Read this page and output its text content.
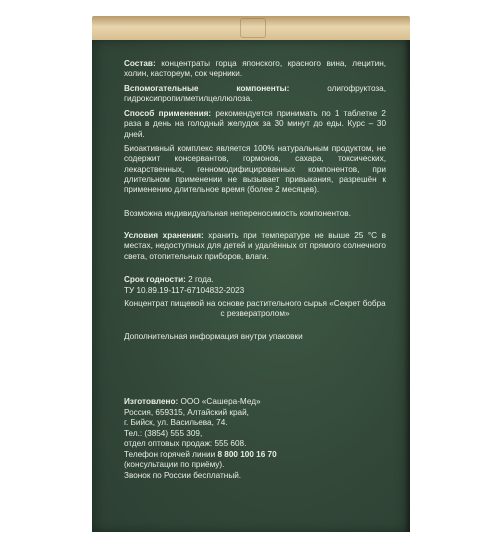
Состав: концентраты горца японского, красного вина, лецитин, холин, кастореум, сок черники.
Вспомогательные компоненты: олигофруктоза, гидроксипропилметилцеллюлоза.
Способ применения: рекомендуется принимать по 1 таблетке 2 раза в день на голодный желудок за 30 минут до еды. Курс – 30 дней.
Биоактивный комплекс является 100% натуральным продуктом, не содержит консервантов, гормонов, сахара, токсических, лекарственных, генномодифицированных компонентов, при длительном применении не вызывает привыкания, разрешён к применению длительное время (более 2 месяцев).
Возможна индивидуальная непереносимость компонентов.
Условия хранения: хранить при температуре не выше 25 °С в местах, недоступных для детей и удалённых от прямого солнечного света, отопительных приборов, влаги.
Срок годности: 2 года.
ТУ 10.89.19-117-67104832-2023
Концентрат пищевой на основе растительного сырья «Секрет бобра с резвератролом»
Дополнительная информация внутри упаковки
Изготовлено: ООО «Сашера-Мед»
Россия, 659315, Алтайский край,
г. Бийск, ул. Васильева, 74.
Тел.: (3854) 555 309,
отдел оптовых продаж: 555 608.
Телефон горячей линии 8 800 100 16 70
(консультации по приёму).
Звонок по России бесплатный.
